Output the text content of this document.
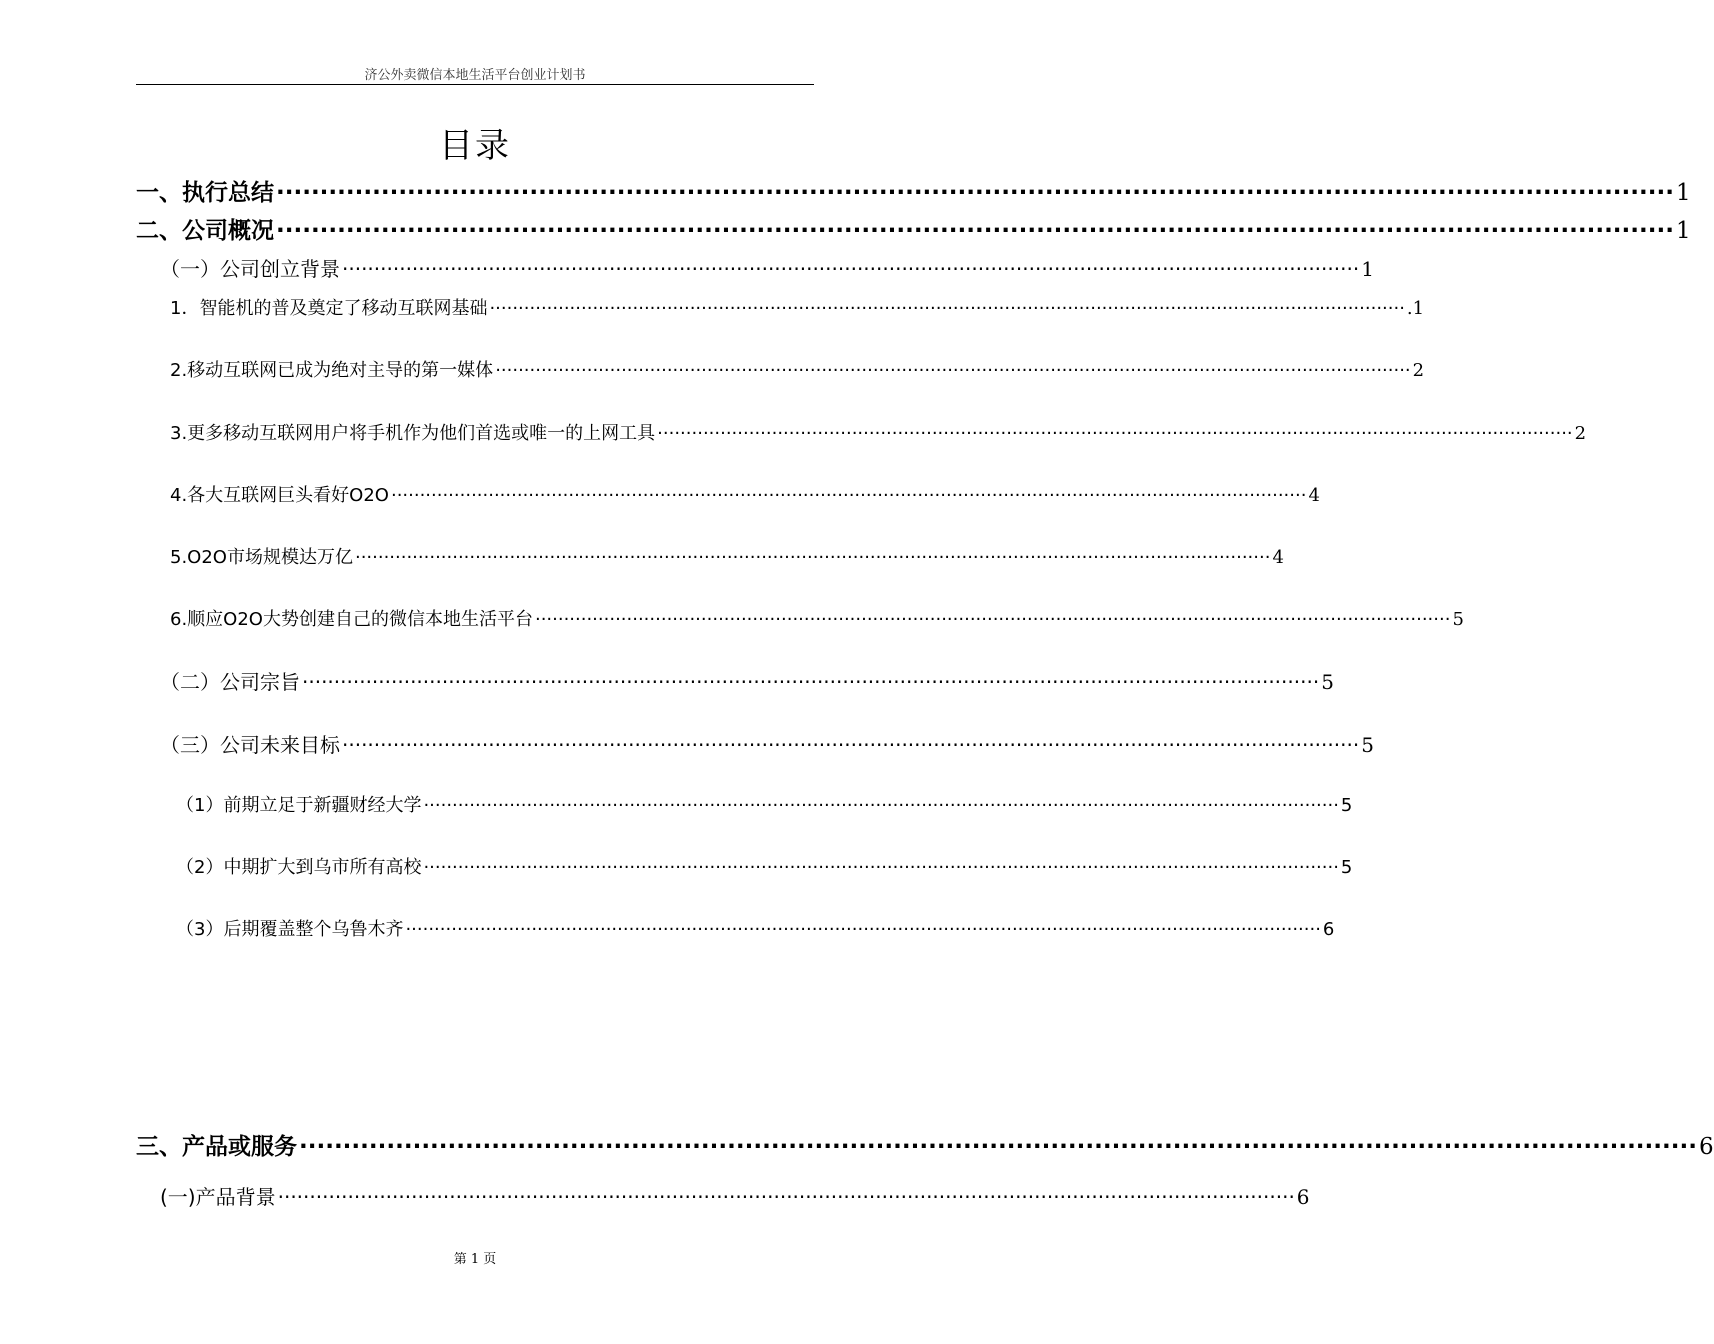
济公外卖微信本地生活平台创业计划书
目录
一、执行总结 ································································································································································ 1
二、公司概况 ································································································································································ 1
（一）公司创立背景 ································································································································································ 1
1．智能机的普及奠定了移动互联网基础 ································································································································································ .1
2.移动互联网已成为绝对主导的第一媒体 ································································································································································ 2
3.更多移动互联网用户将手机作为他们首选或唯一的上网工具 ································································································································································ 2
4.各大互联网巨头看好O2O ································································································································································ 4
5.O2O市场规模达万亿 ································································································································································ 4
6.顺应O2O大势创建自己的微信本地生活平台 ································································································································································ 5
（二）公司宗旨 ································································································································································ 5
（三）公司未来目标 ································································································································································ 5
（1）前期立足于新疆财经大学 ································································································································································ 5
（2）中期扩大到乌市所有高校 ································································································································································ 5
（3）后期覆盖整个乌鲁木齐 ································································································································································ 6
三、产品或服务 ································································································································································ 6
(一)产品背景 ································································································································································ 6
第 1 页
